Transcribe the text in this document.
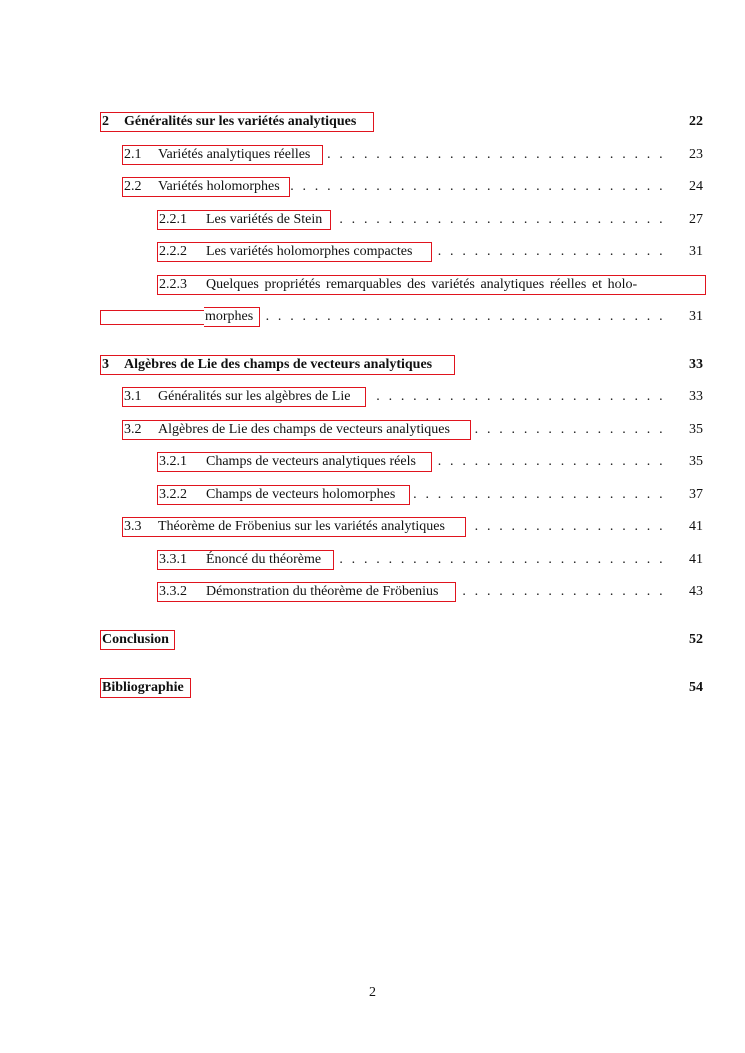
2 Généralités sur les variétés analytiques	22
2.1 Variétés analytiques réelles	............................	23
2.2 Variétés holomorphes	...............................	24
2.2.1 Les variétés de Stein	...........................	27
2.2.2 Les variétés holomorphes compactes	...................	31
2.2.3 Quelques propriétés remarquables des variétés analytiques réelles et holo-
morphes	.................................	31
3 Algèbres de Lie des champs de vecteurs analytiques	33
3.1 Généralités sur les algèbres de Lie	........................	33
3.2 Algèbres de Lie des champs de vecteurs analytiques	................	35
3.2.1 Champs de vecteurs analytiques réels	...................	35
3.2.2 Champs de vecteurs holomorphes	.....................	37
3.3 Théorème de Fröbenius sur les variétés analytiques	................	41
3.3.1 Énoncé du théorème	...........................	41
3.3.2 Démonstration du théorème de Fröbenius	.................	43
Conclusion	52
Bibliographie	54
2
